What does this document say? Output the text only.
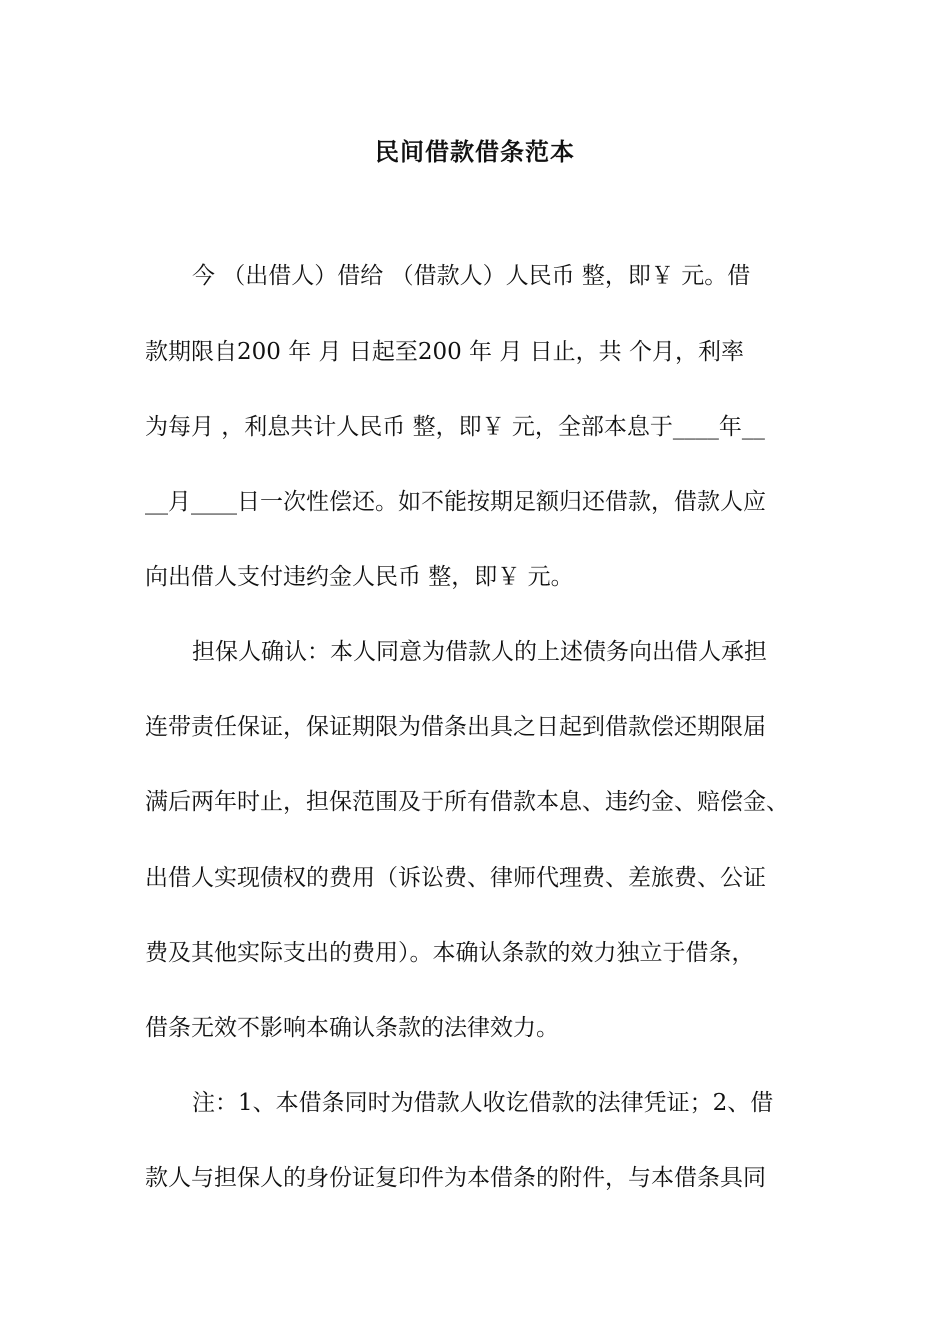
民间借款借条范本
今 （出借人）借给 （借款人）人民币 整，即￥ 元。借
款期限自200 年 月 日起至200 年 月 日止，共 个月，利率
为每月 ，利息共计人民币 整，即￥ 元，全部本息于____年__
__月____日一次性偿还。如不能按期足额归还借款，借款人应
向出借人支付违约金人民币 整，即￥ 元。
担保人确认：本人同意为借款人的上述债务向出借人承担
连带责任保证，保证期限为借条出具之日起到借款偿还期限届
满后两年时止，担保范围及于所有借款本息、违约金、赔偿金、
出借人实现债权的费用（诉讼费、律师代理费、差旅费、公证
费及其他实际支出的费用）。本确认条款的效力独立于借条，
借条无效不影响本确认条款的法律效力。
注：1、本借条同时为借款人收讫借款的法律凭证；2、借
款人与担保人的身份证复印件为本借条的附件，与本借条具同
